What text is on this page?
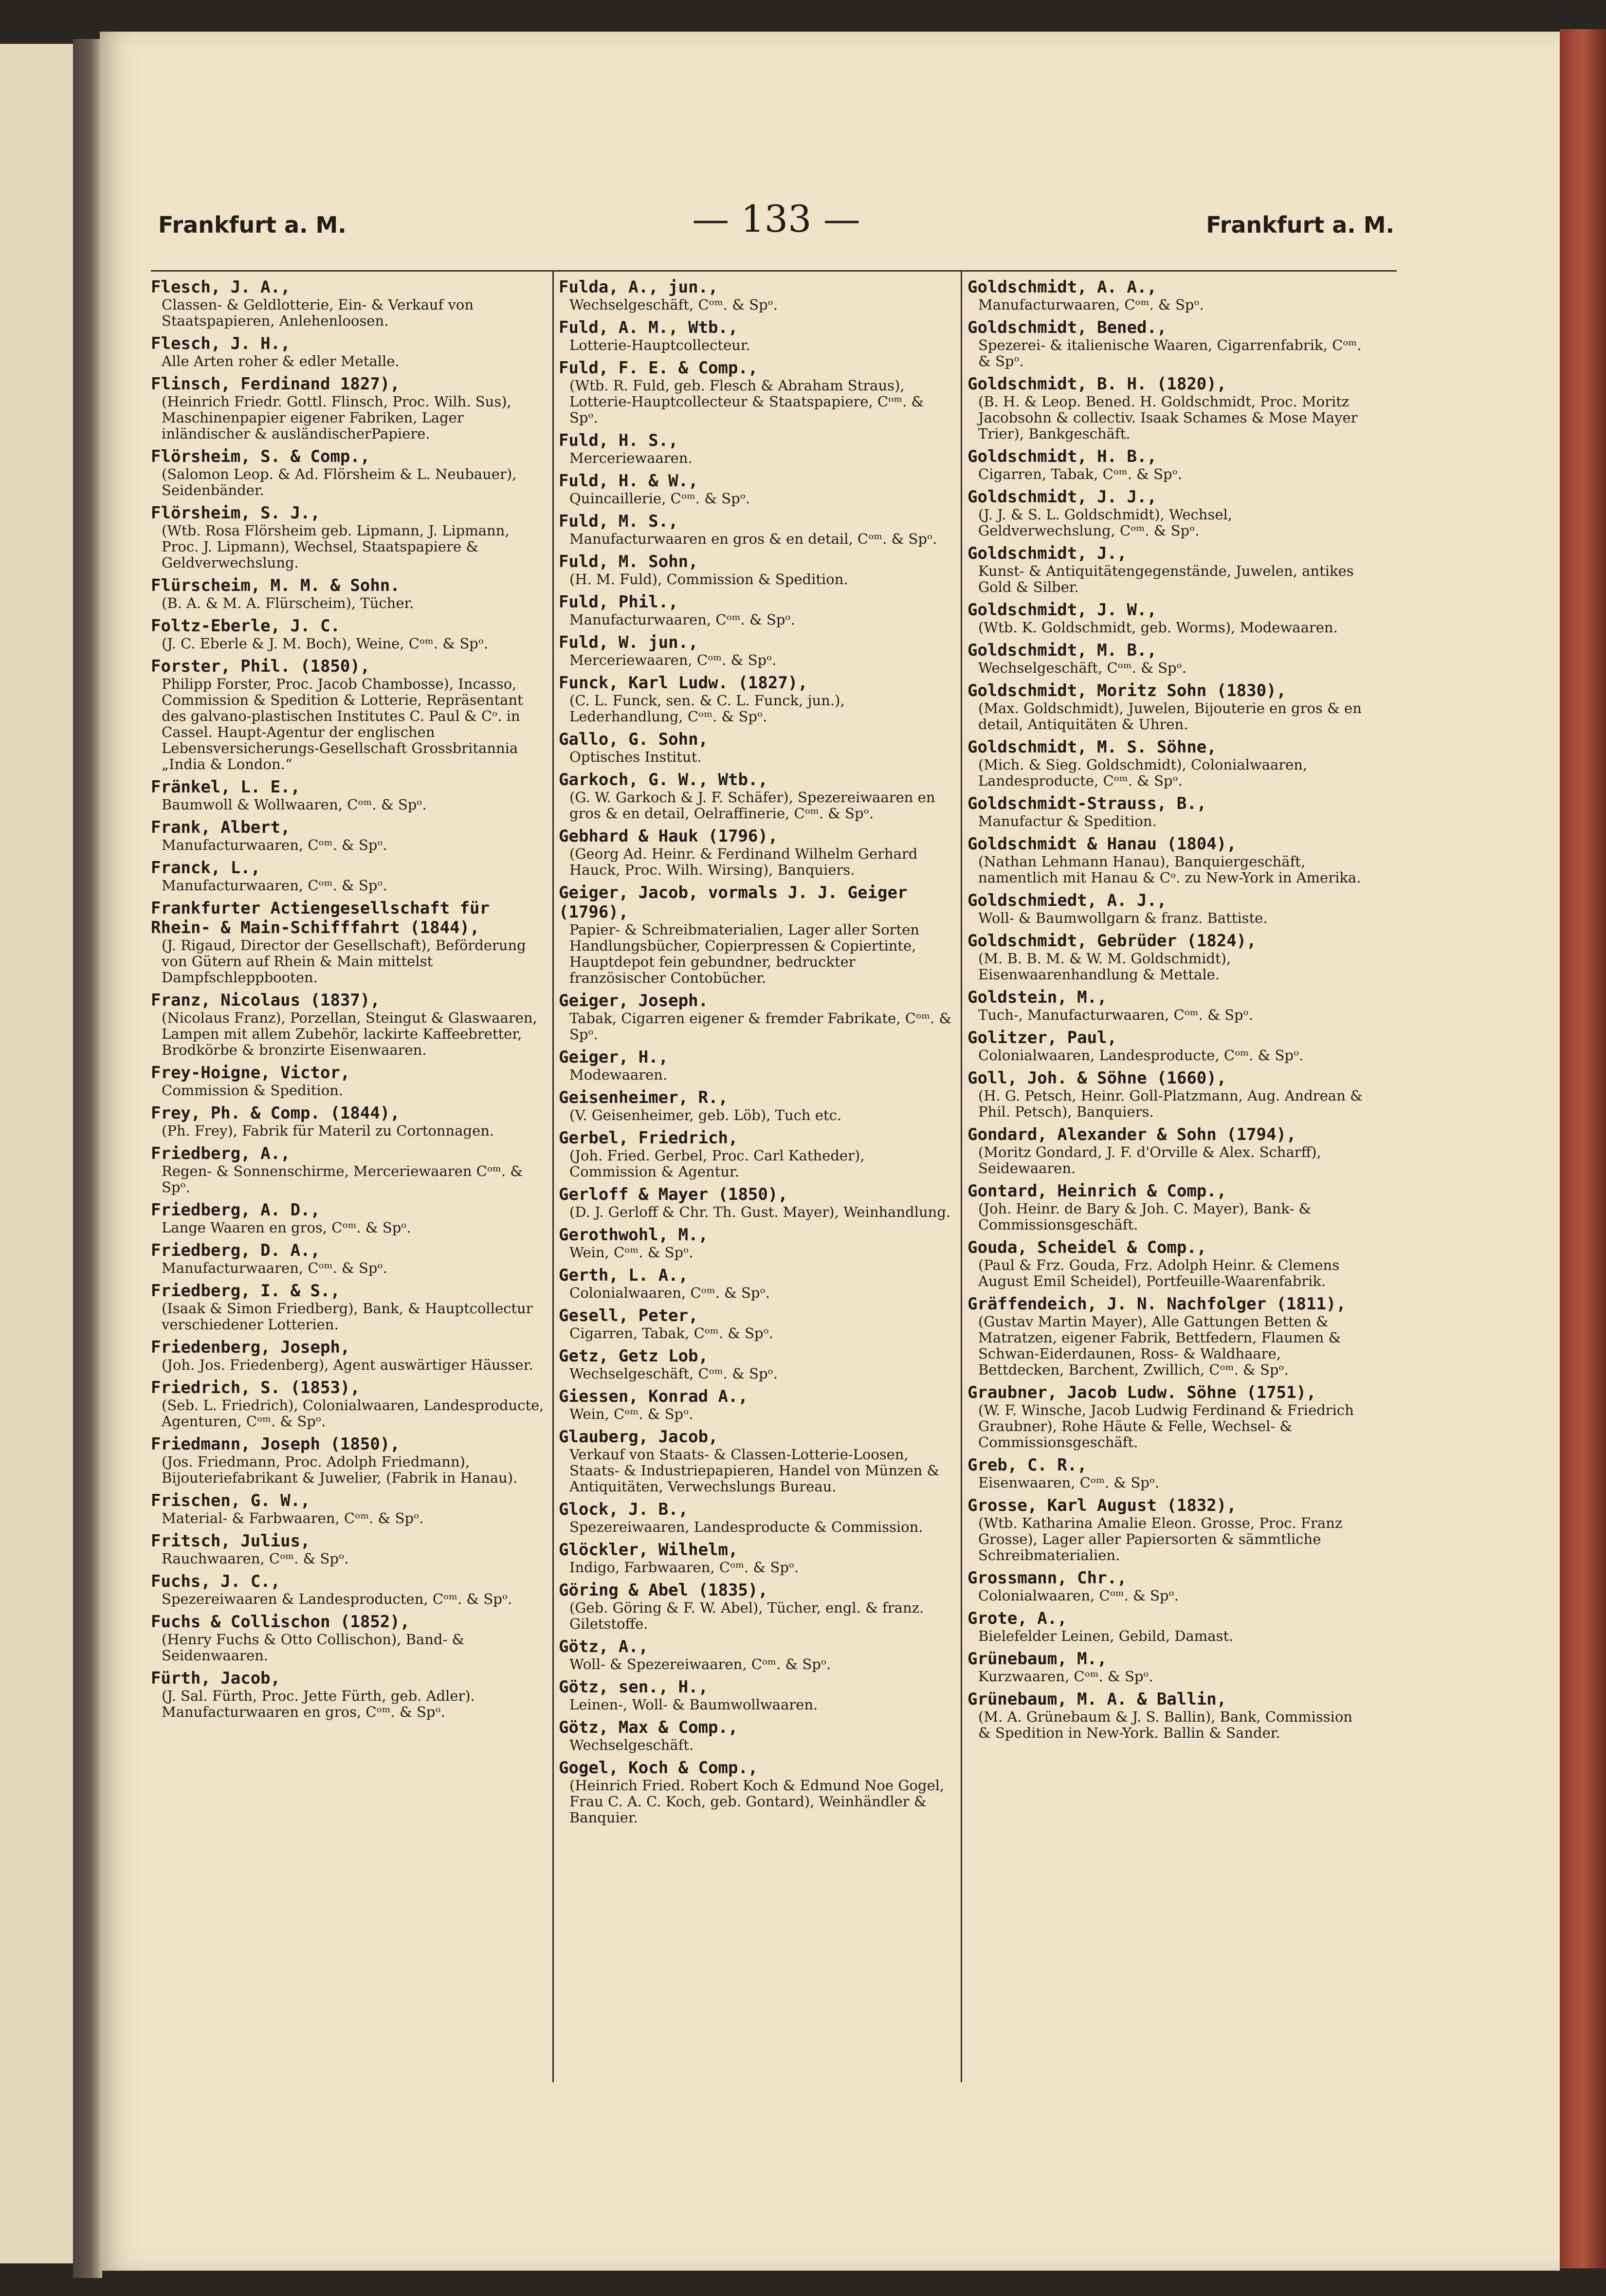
Frankfurt a. M.	— 133 —	Frankfurt a. M.
Flesch, J. A.,
Classen- & Geldlotterie, Ein- & Verkauf von Staatspapieren, Anlehenloosen.
Flesch, J. H.,
Alle Arten roher & edler Metalle.
Flinsch, Ferdinand 1827),
(Heinrich Friedr. Gottl. Flinsch, Proc. Wilh. Sus), Maschinenpapier eigener Fabriken, Lager inländischer & ausländischerPapiere.
Flörsheim, S. & Comp.,
(Salomon Leop. & Ad. Flörsheim & L. Neubauer), Seidenbänder.
Flörsheim, S. J.,
(Wtb. Rosa Flörsheim geb. Lipmann, J. Lipmann, Proc. J. Lipmann), Wechsel, Staatspapiere & Geldverwechslung.
Flürscheim, M. M. & Sohn.
(B. A. & M. A. Flürscheim), Tücher.
Foltz-Eberle, J. C.
(J. C. Eberle & J. M. Boch), Weine, Cᵒᵐ. & Spᵒ.
Forster, Phil. (1850),
Philipp Forster, Proc. Jacob Chambosse), Incasso, Commission & Spedition & Lotterie, Repräsentant des galvano-plastischen Institutes C. Paul & Cᵒ. in Cassel. Haupt-Agentur der englischen Lebensversicherungs-Gesellschaft Grossbritannia „India & London.“
Fränkel, L. E.,
Baumwoll & Wollwaaren, Cᵒᵐ. & Spᵒ.
Frank, Albert,
Manufacturwaaren, Cᵒᵐ. & Spᵒ.
Franck, L.,
Manufacturwaaren, Cᵒᵐ. & Spᵒ.
Frankfurter Actiengesellschaft für Rhein- & Main-Schifffahrt (1844),
(J. Rigaud, Director der Gesellschaft), Beförderung von Gütern auf Rhein & Main mittelst Dampfschleppbooten.
Franz, Nicolaus (1837),
(Nicolaus Franz), Porzellan, Steingut & Glaswaaren, Lampen mit allem Zubehör, lackirte Kaffeebretter, Brodkörbe & bronzirte Eisenwaaren.
Frey-Hoigne, Victor,
Commission & Spedition.
Frey, Ph. & Comp. (1844),
(Ph. Frey), Fabrik für Materil zu Cortonnagen.
Friedberg, A.,
Regen- & Sonnenschirme, Merceriewaaren Cᵒᵐ. & Spᵒ.
Friedberg, A. D.,
Lange Waaren en gros, Cᵒᵐ. & Spᵒ.
Friedberg, D. A.,
Manufacturwaaren, Cᵒᵐ. & Spᵒ.
Friedberg, I. & S.,
(Isaak & Simon Friedberg), Bank, & Hauptcollectur verschiedener Lotterien.
Friedenberg, Joseph,
(Joh. Jos. Friedenberg), Agent auswärtiger Häusser.
Friedrich, S. (1853),
(Seb. L. Friedrich), Colonialwaaren, Landesproducte, Agenturen, Cᵒᵐ. & Spᵒ.
Friedmann, Joseph (1850),
(Jos. Friedmann, Proc. Adolph Friedmann), Bijouteriefabrikant & Juwelier, (Fabrik in Hanau).
Frischen, G. W.,
Material- & Farbwaaren, Cᵒᵐ. & Spᵒ.
Fritsch, Julius,
Rauchwaaren, Cᵒᵐ. & Spᵒ.
Fuchs, J. C.,
Spezereiwaaren & Landesproducten, Cᵒᵐ. & Spᵒ.
Fuchs & Collischon (1852),
(Henry Fuchs & Otto Collischon), Band- & Seidenwaaren.
Fürth, Jacob,
(J. Sal. Fürth, Proc. Jette Fürth, geb. Adler). Manufacturwaaren en gros, Cᵒᵐ. & Spᵒ.
Fulda, A., jun.,
Wechselgeschäft, Cᵒᵐ. & Spᵒ.
Fuld, A. M., Wtb.,
Lotterie-Hauptcollecteur.
Fuld, F. E. & Comp.,
(Wtb. R. Fuld, geb. Flesch & Abraham Straus), Lotterie-Hauptcollecteur & Staatspapiere, Cᵒᵐ. & Spᵒ.
Fuld, H. S.,
Merceriewaaren.
Fuld, H. & W.,
Quincaillerie, Cᵒᵐ. & Spᵒ.
Fuld, M. S.,
Manufacturwaaren en gros & en detail, Cᵒᵐ. & Spᵒ.
Fuld, M. Sohn,
(H. M. Fuld), Commission & Spedition.
Fuld, Phil.,
Manufacturwaaren, Cᵒᵐ. & Spᵒ.
Fuld, W. jun.,
Merceriewaaren, Cᵒᵐ. & Spᵒ.
Funck, Karl Ludw. (1827),
(C. L. Funck, sen. & C. L. Funck, jun.), Lederhandlung, Cᵒᵐ. & Spᵒ.
Gallo, G. Sohn,
Optisches Institut.
Garkoch, G. W., Wtb.,
(G. W. Garkoch & J. F. Schäfer), Spezereiwaaren en gros & en detail, Oelraffinerie, Cᵒᵐ. & Spᵒ.
Gebhard & Hauk (1796),
(Georg Ad. Heinr. & Ferdinand Wilhelm Gerhard Hauck, Proc. Wilh. Wirsing), Banquiers.
Geiger, Jacob, vormals J. J. Geiger (1796),
Papier- & Schreibmaterialien, Lager aller Sorten Handlungsbücher, Copierpressen & Copiertinte, Hauptdepot fein gebundner, bedruckter französischer Contobücher.
Geiger, Joseph.
Tabak, Cigarren eigener & fremder Fabrikate, Cᵒᵐ. & Spᵒ.
Geiger, H.,
Modewaaren.
Geisenheimer, R.,
(V. Geisenheimer, geb. Löb), Tuch etc.
Gerbel, Friedrich,
(Joh. Fried. Gerbel, Proc. Carl Katheder), Commission & Agentur.
Gerloff & Mayer (1850),
(D. J. Gerloff & Chr. Th. Gust. Mayer), Weinhandlung.
Gerothwohl, M.,
Wein, Cᵒᵐ. & Spᵒ.
Gerth, L. A.,
Colonialwaaren, Cᵒᵐ. & Spᵒ.
Gesell, Peter,
Cigarren, Tabak, Cᵒᵐ. & Spᵒ.
Getz, Getz Lob,
Wechselgeschäft, Cᵒᵐ. & Spᵒ.
Giessen, Konrad A.,
Wein, Cᵒᵐ. & Spᵒ.
Glauberg, Jacob,
Verkauf von Staats- & Classen-Lotterie-Loosen, Staats- & Industriepapieren, Handel von Münzen & Antiquitäten, Verwechslungs Bureau.
Glock, J. B.,
Spezereiwaaren, Landesproducte & Commission.
Glöckler, Wilhelm,
Indigo, Farbwaaren, Cᵒᵐ. & Spᵒ.
Göring & Abel (1835),
(Geb. Göring & F. W. Abel), Tücher, engl. & franz. Giletstoffe.
Götz, A.,
Woll- & Spezereiwaaren, Cᵒᵐ. & Spᵒ.
Götz, sen., H.,
Leinen-, Woll- & Baumwollwaaren.
Götz, Max & Comp.,
Wechselgeschäft.
Gogel, Koch & Comp.,
(Heinrich Fried. Robert Koch & Edmund Noe Gogel, Frau C. A. C. Koch, geb. Gontard), Weinhändler & Banquier.
Goldschmidt, A. A.,
Manufacturwaaren, Cᵒᵐ. & Spᵒ.
Goldschmidt, Bened.,
Spezerei- & italienische Waaren, Cigarrenfabrik, Cᵒᵐ. & Spᵒ.
Goldschmidt, B. H. (1820),
(B. H. & Leop. Bened. H. Goldschmidt, Proc. Moritz Jacobsohn & collectiv. Isaak Schames & Mose Mayer Trier), Bankgeschäft.
Goldschmidt, H. B.,
Cigarren, Tabak, Cᵒᵐ. & Spᵒ.
Goldschmidt, J. J.,
(J. J. & S. L. Goldschmidt), Wechsel, Geldverwechslung, Cᵒᵐ. & Spᵒ.
Goldschmidt, J.,
Kunst- & Antiquitätengegenstände, Juwelen, antikes Gold & Silber.
Goldschmidt, J. W.,
(Wtb. K. Goldschmidt, geb. Worms), Modewaaren.
Goldschmidt, M. B.,
Wechselgeschäft, Cᵒᵐ. & Spᵒ.
Goldschmidt, Moritz Sohn (1830),
(Max. Goldschmidt), Juwelen, Bijouterie en gros & en detail, Antiquitäten & Uhren.
Goldschmidt, M. S. Söhne,
(Mich. & Sieg. Goldschmidt), Colonialwaaren, Landesproducte, Cᵒᵐ. & Spᵒ.
Goldschmidt-Strauss, B.,
Manufactur & Spedition.
Goldschmidt & Hanau (1804),
(Nathan Lehmann Hanau), Banquiergeschäft, namentlich mit Hanau & Cᵒ. zu New-York in Amerika.
Goldschmiedt, A. J.,
Woll- & Baumwollgarn & franz. Battiste.
Goldschmidt, Gebrüder (1824),
(M. B. B. M. & W. M. Goldschmidt), Eisenwaarenhandlung & Mettale.
Goldstein, M.,
Tuch-, Manufacturwaaren, Cᵒᵐ. & Spᵒ.
Golitzer, Paul,
Colonialwaaren, Landesproducte, Cᵒᵐ. & Spᵒ.
Goll, Joh. & Söhne (1660),
(H. G. Petsch, Heinr. Goll-Platzmann, Aug. Andrean & Phil. Petsch), Banquiers.
Gondard, Alexander & Sohn (1794),
(Moritz Gondard, J. F. d'Orville & Alex. Scharff), Seidewaaren.
Gontard, Heinrich & Comp.,
(Joh. Heinr. de Bary & Joh. C. Mayer), Bank- & Commissionsgeschäft.
Gouda, Scheidel & Comp.,
(Paul & Frz. Gouda, Frz. Adolph Heinr. & Clemens August Emil Scheidel), Portfeuille-Waarenfabrik.
Gräffendeich, J. N. Nachfolger (1811),
(Gustav Martin Mayer), Alle Gattungen Betten & Matratzen, eigener Fabrik, Bettfedern, Flaumen & Schwan-Eiderdaunen, Ross- & Waldhaare, Bettdecken, Barchent, Zwillich, Cᵒᵐ. & Spᵒ.
Graubner, Jacob Ludw. Söhne (1751),
(W. F. Winsche, Jacob Ludwig Ferdinand & Friedrich Graubner), Rohe Häute & Felle, Wechsel- & Commissionsgeschäft.
Greb, C. R.,
Eisenwaaren, Cᵒᵐ. & Spᵒ.
Grosse, Karl August (1832),
(Wtb. Katharina Amalie Eleon. Grosse, Proc. Franz Grosse), Lager aller Papiersorten & sämmtliche Schreibmaterialien.
Grossmann, Chr.,
Colonialwaaren, Cᵒᵐ. & Spᵒ.
Grote, A.,
Bielefelder Leinen, Gebild, Damast.
Grünebaum, M.,
Kurzwaaren, Cᵒᵐ. & Spᵒ.
Grünebaum, M. A. & Ballin,
(M. A. Grünebaum & J. S. Ballin), Bank, Commission & Spedition in New-York. Ballin & Sander.
